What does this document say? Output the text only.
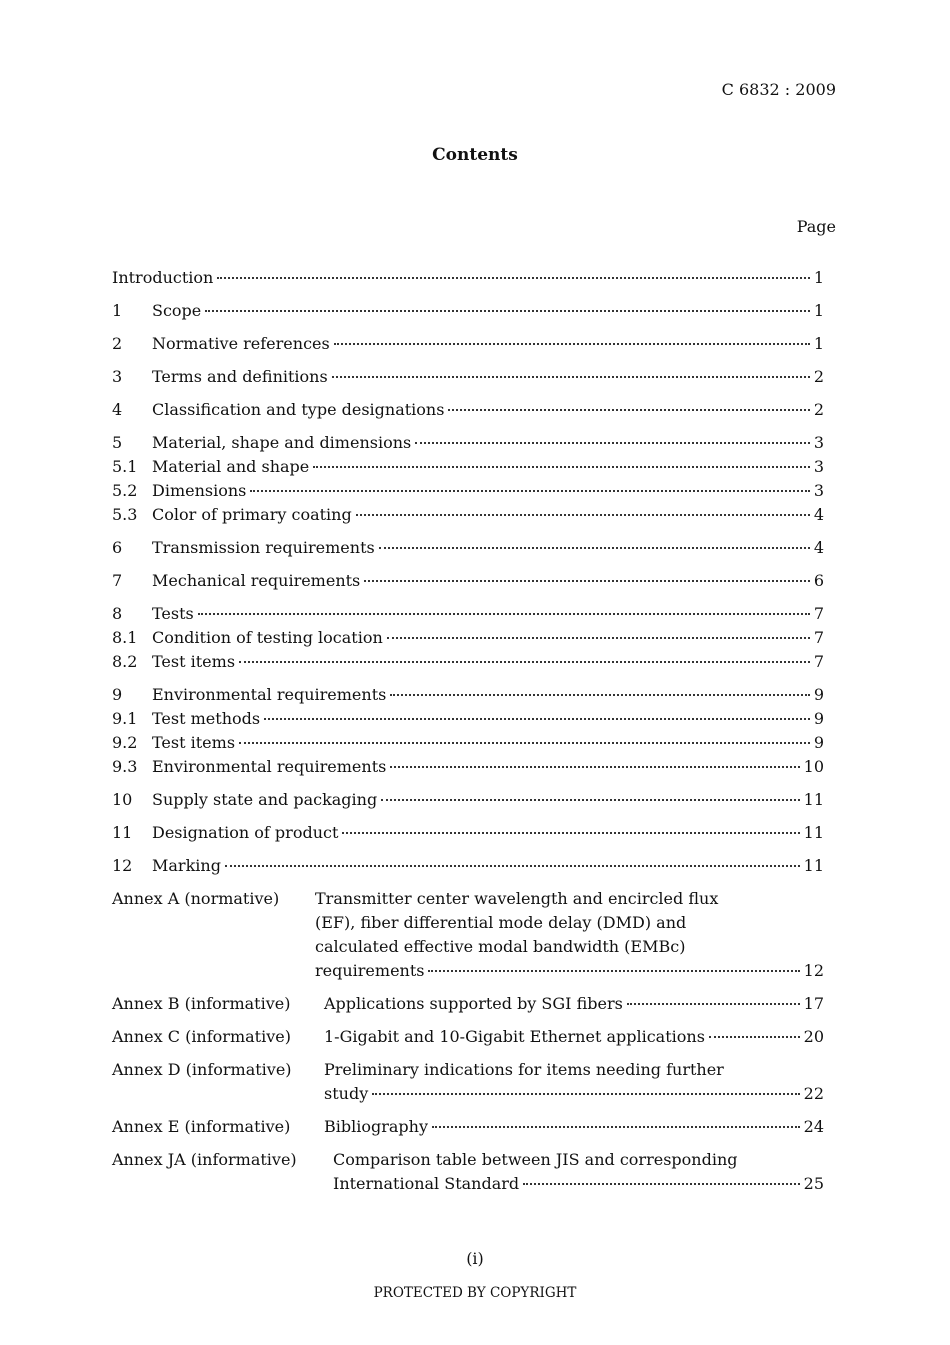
C 6832 : 2009
Contents
Page
Introduction	1
1	Scope	1
2	Normative references	1
3	Terms and definitions	2
4	Classification and type designations	2
5	Material, shape and dimensions	3
5.1 Material and shape	3
5.2 Dimensions	3
5.3 Color of primary coating	4
6	Transmission requirements	4
7	Mechanical requirements	6
8	Tests	7
8.1 Condition of testing location	7
8.2 Test items	7
9	Environmental requirements	9
9.1 Test methods	9
9.2 Test items	9
9.3 Environmental requirements	10
10	Supply state and packaging	11
11	Designation of product	11
12	Marking	11
Annex A (normative)	Transmitter center wavelength and encircled flux
(EF), fiber differential mode delay (DMD) and
calculated effective modal bandwidth (EMBc)
requirements	12
Annex B (informative)	Applications supported by SGI fibers	17
Annex C (informative)	1-Gigabit and 10-Gigabit Ethernet applications	20
Annex D (informative)	Preliminary indications for items needing further
study	22
Annex E (informative)	Bibliography	24
Annex JA (informative)	Comparison table between JIS and corresponding
International Standard	25
(i)
PROTECTED BY COPYRIGHT
